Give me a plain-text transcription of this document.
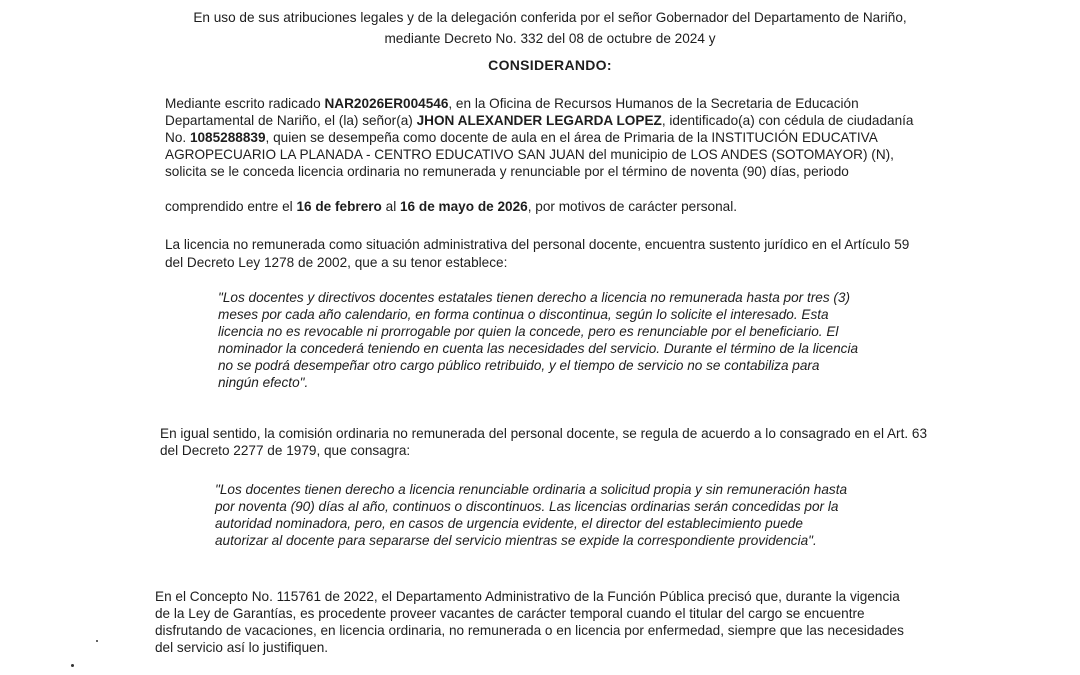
En uso de sus atribuciones legales y de la delegación conferida por el señor Gobernador del Departamento de Nariño,
mediante Decreto No. 332 del 08 de octubre de 2024 y
CONSIDERANDO:
Mediante escrito radicado NAR2026ER004546, en la Oficina de Recursos Humanos de la Secretaria de Educación
Departamental de Nariño, el (la) señor(a) JHON ALEXANDER LEGARDA LOPEZ, identificado(a) con cédula de ciudadanía
No. 1085288839, quien se desempeña como docente de aula en el área de Primaria de la INSTITUCIÓN EDUCATIVA
AGROPECUARIO LA PLANADA - CENTRO EDUCATIVO SAN JUAN del municipio de LOS ANDES (SOTOMAYOR) (N),
solicita se le conceda licencia ordinaria no remunerada y renunciable por el término de noventa (90) días, periodo
comprendido entre el 16 de febrero al 16 de mayo de 2026, por motivos de carácter personal.
La licencia no remunerada como situación administrativa del personal docente, encuentra sustento jurídico en el Artículo 59
del Decreto Ley 1278 de 2002, que a su tenor establece:
"Los docentes y directivos docentes estatales tienen derecho a licencia no remunerada hasta por tres (3)
meses por cada año calendario, en forma continua o discontinua, según lo solicite el interesado. Esta
licencia no es revocable ni prorrogable por quien la concede, pero es renunciable por el beneficiario. El
nominador la concederá teniendo en cuenta las necesidades del servicio. Durante el término de la licencia
no se podrá desempeñar otro cargo público retribuido, y el tiempo de servicio no se contabiliza para
ningún efecto".
En igual sentido, la comisión ordinaria no remunerada del personal docente, se regula de acuerdo a lo consagrado en el Art. 63
del Decreto 2277 de 1979, que consagra:
"Los docentes tienen derecho a licencia renunciable ordinaria a solicitud propia y sin remuneración hasta
por noventa (90) días al año, continuos o discontinuos. Las licencias ordinarias serán concedidas por la
autoridad nominadora, pero, en casos de urgencia evidente, el director del establecimiento puede
autorizar al docente para separarse del servicio mientras se expide la correspondiente providencia".
En el Concepto No. 115761 de 2022, el Departamento Administrativo de la Función Pública precisó que, durante la vigencia
de la Ley de Garantías, es procedente proveer vacantes de carácter temporal cuando el titular del cargo se encuentre
disfrutando de vacaciones, en licencia ordinaria, no remunerada o en licencia por enfermedad, siempre que las necesidades
del servicio así lo justifiquen.
